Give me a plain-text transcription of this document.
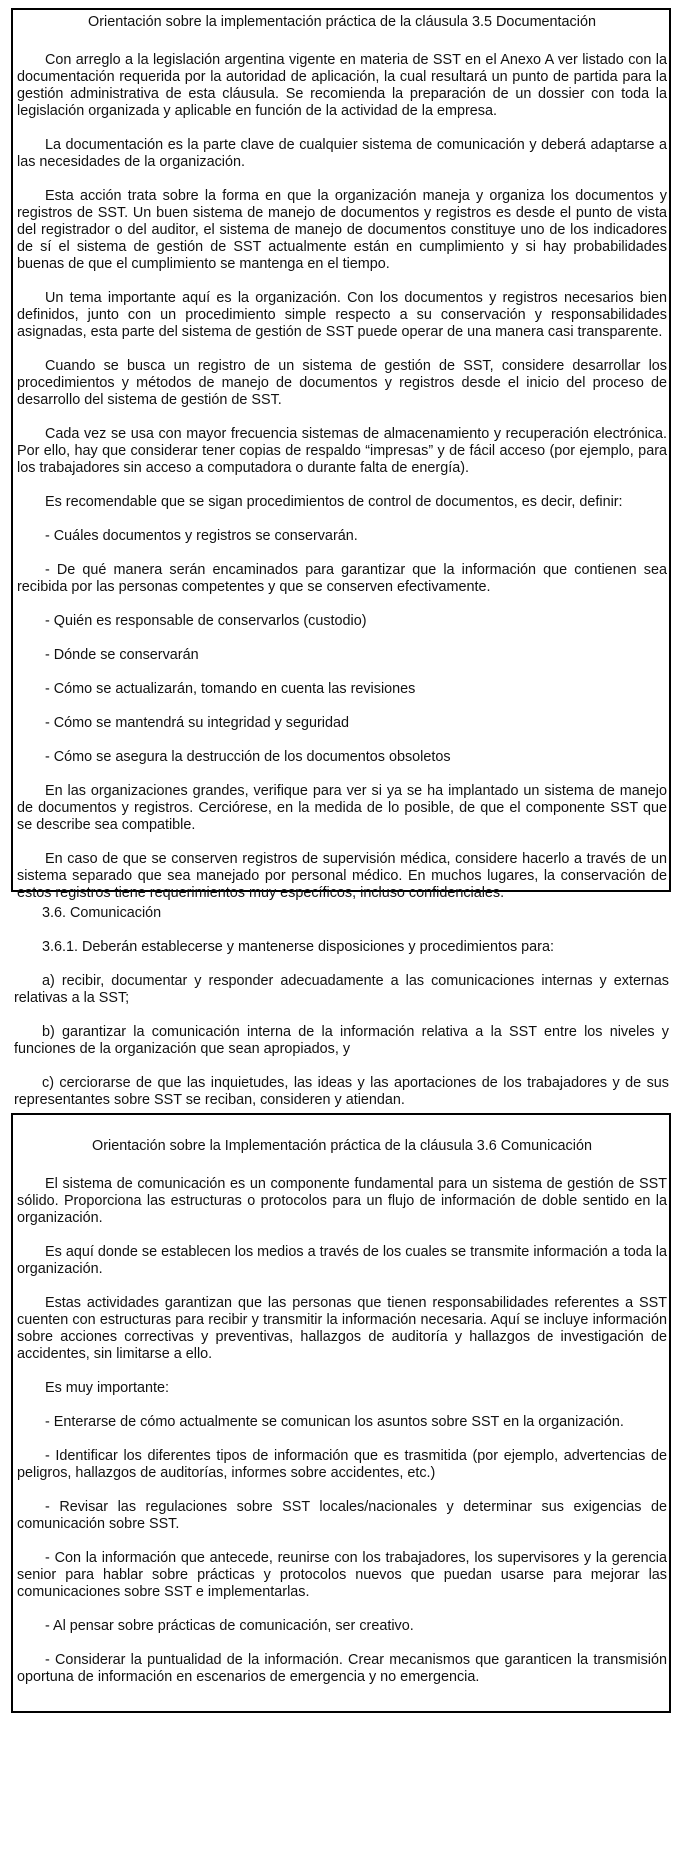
Orientación sobre la implementación práctica de la cláusula 3.5 Documentación

Con arreglo a la legislación argentina vigente en materia de SST en el Anexo A ver listado con la documentación requerida por la autoridad de aplicación, la cual resultará un punto de partida para la gestión administrativa de esta cláusula. Se recomienda la preparación de un dossier con toda la legislación organizada y aplicable en función de la actividad de la empresa.

La documentación es la parte clave de cualquier sistema de comunicación y deberá adaptarse a las necesidades de la organización.

Esta acción trata sobre la forma en que la organización maneja y organiza los documentos y registros de SST. Un buen sistema de manejo de documentos y registros es desde el punto de vista del registrador o del auditor, el sistema de manejo de documentos constituye uno de los indicadores de sí el sistema de gestión de SST actualmente están en cumplimiento y si hay probabilidades buenas de que el cumplimiento se mantenga en el tiempo.

Un tema importante aquí es la organización. Con los documentos y registros necesarios bien definidos, junto con un procedimiento simple respecto a su conservación y responsabilidades asignadas, esta parte del sistema de gestión de SST puede operar de una manera casi transparente.

Cuando se busca un registro de un sistema de gestión de SST, considere desarrollar los procedimientos y métodos de manejo de documentos y registros desde el inicio del proceso de desarrollo del sistema de gestión de SST.

Cada vez se usa con mayor frecuencia sistemas de almacenamiento y recuperación electrónica. Por ello, hay que considerar tener copias de respaldo “impresas” y de fácil acceso (por ejemplo, para los trabajadores sin acceso a computadora o durante falta de energía).

Es recomendable que se sigan procedimientos de control de documentos, es decir, definir:

- Cuáles documentos y registros se conservarán.

- De qué manera serán encaminados para garantizar que la información que contienen sea recibida por las personas competentes y que se conserven efectivamente.

- Quién es responsable de conservarlos (custodio)

- Dónde se conservarán

- Cómo se actualizarán, tomando en cuenta las revisiones

- Cómo se mantendrá su integridad y seguridad

- Cómo se asegura la destrucción de los documentos obsoletos

En las organizaciones grandes, verifique para ver si ya se ha implantado un sistema de manejo de documentos y registros. Cerciórese, en la medida de lo posible, de que el componente SST que se describe sea compatible.

En caso de que se conserven registros de supervisión médica, considere hacerlo a través de un sistema separado que sea manejado por personal médico. En muchos lugares, la conservación de estos registros tiene requerimientos muy específicos, incluso confidenciales.

3.6. Comunicación

3.6.1. Deberán establecerse y mantenerse disposiciones y procedimientos para:

a) recibir, documentar y responder adecuadamente a las comunicaciones internas y externas relativas a la SST;

b) garantizar la comunicación interna de la información relativa a la SST entre los niveles y funciones de la organización que sean apropiados, y

c) cerciorarse de que las inquietudes, las ideas y las aportaciones de los trabajadores y de sus representantes sobre SST se reciban, consideren y atiendan.

Orientación sobre la Implementación práctica de la cláusula 3.6 Comunicación

El sistema de comunicación es un componente fundamental para un sistema de gestión de SST sólido. Proporciona las estructuras o protocolos para un flujo de información de doble sentido en la organización.

Es aquí donde se establecen los medios a través de los cuales se transmite información a toda la organización.

Estas actividades garantizan que las personas que tienen responsabilidades referentes a SST cuenten con estructuras para recibir y transmitir la información necesaria. Aquí se incluye información sobre acciones correctivas y preventivas, hallazgos de auditoría y hallazgos de investigación de accidentes, sin limitarse a ello.

Es muy importante:

- Enterarse de cómo actualmente se comunican los asuntos sobre SST en la organización.

- Identificar los diferentes tipos de información que es trasmitida (por ejemplo, advertencias de peligros, hallazgos de auditorías, informes sobre accidentes, etc.)

- Revisar las regulaciones sobre SST locales/nacionales y determinar sus exigencias de comunicación sobre SST.

- Con la información que antecede, reunirse con los trabajadores, los supervisores y la gerencia senior para hablar sobre prácticas y protocolos nuevos que puedan usarse para mejorar las comunicaciones sobre SST e implementarlas.

- Al pensar sobre prácticas de comunicación, ser creativo.

- Considerar la puntualidad de la información. Crear mecanismos que garanticen la transmisión oportuna de información en escenarios de emergencia y no emergencia.
